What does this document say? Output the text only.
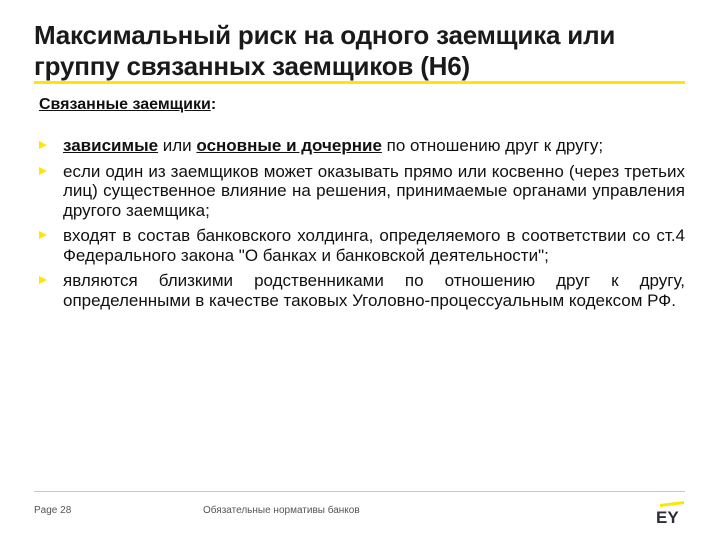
Максимальный риск на одного заемщика или группу связанных заемщиков (Н6)
Связанные заемщики:
зависимые или основные и дочерние по отношению друг к другу;
если один из заемщиков может оказывать прямо или косвенно (через третьих лиц) существенное влияние на решения, принимаемые органами управления другого заемщика;
входят в состав банковского холдинга, определяемого в соответствии со ст.4 Федерального закона "О банках и банковской деятельности";
являются близкими родственниками по отношению друг к другу, определенными в качестве таковых Уголовно-процессуальным кодексом РФ.
Page 28	Обязательные нормативы банков	EY
